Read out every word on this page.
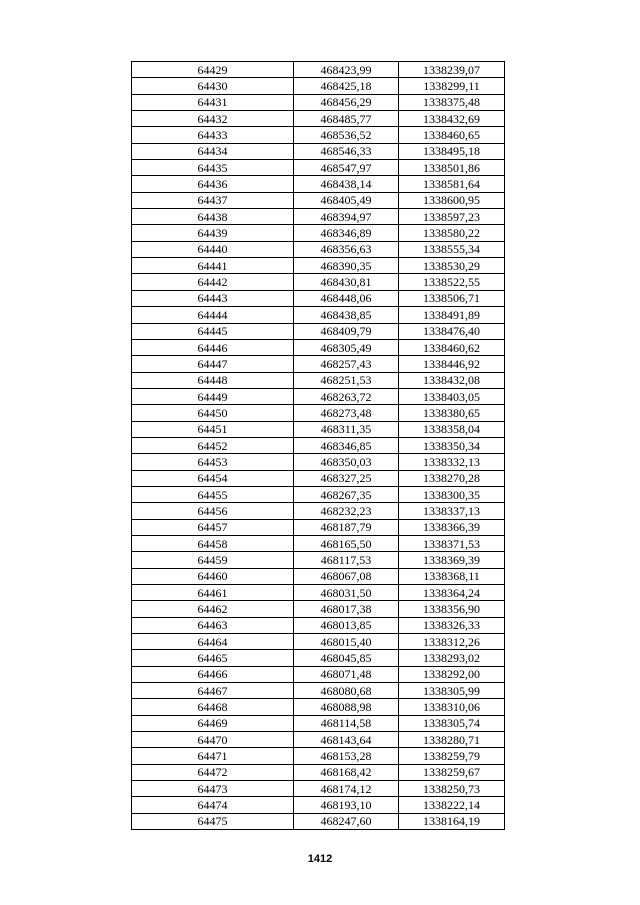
64429	468423,99	1338239,07
64430	468425,18	1338299,11
64431	468456,29	1338375,48
64432	468485,77	1338432,69
64433	468536,52	1338460,65
64434	468546,33	1338495,18
64435	468547,97	1338501,86
64436	468438,14	1338581,64
64437	468405,49	1338600,95
64438	468394,97	1338597,23
64439	468346,89	1338580,22
64440	468356,63	1338555,34
64441	468390,35	1338530,29
64442	468430,81	1338522,55
64443	468448,06	1338506,71
64444	468438,85	1338491,89
64445	468409,79	1338476,40
64446	468305,49	1338460,62
64447	468257,43	1338446,92
64448	468251,53	1338432,08
64449	468263,72	1338403,05
64450	468273,48	1338380,65
64451	468311,35	1338358,04
64452	468346,85	1338350,34
64453	468350,03	1338332,13
64454	468327,25	1338270,28
64455	468267,35	1338300,35
64456	468232,23	1338337,13
64457	468187,79	1338366,39
64458	468165,50	1338371,53
64459	468117,53	1338369,39
64460	468067,08	1338368,11
64461	468031,50	1338364,24
64462	468017,38	1338356,90
64463	468013,85	1338326,33
64464	468015,40	1338312,26
64465	468045,85	1338293,02
64466	468071,48	1338292,00
64467	468080,68	1338305,99
64468	468088,98	1338310,06
64469	468114,58	1338305,74
64470	468143,64	1338280,71
64471	468153,28	1338259,79
64472	468168,42	1338259,67
64473	468174,12	1338250,73
64474	468193,10	1338222,14
64475	468247,60	1338164,19
1412
